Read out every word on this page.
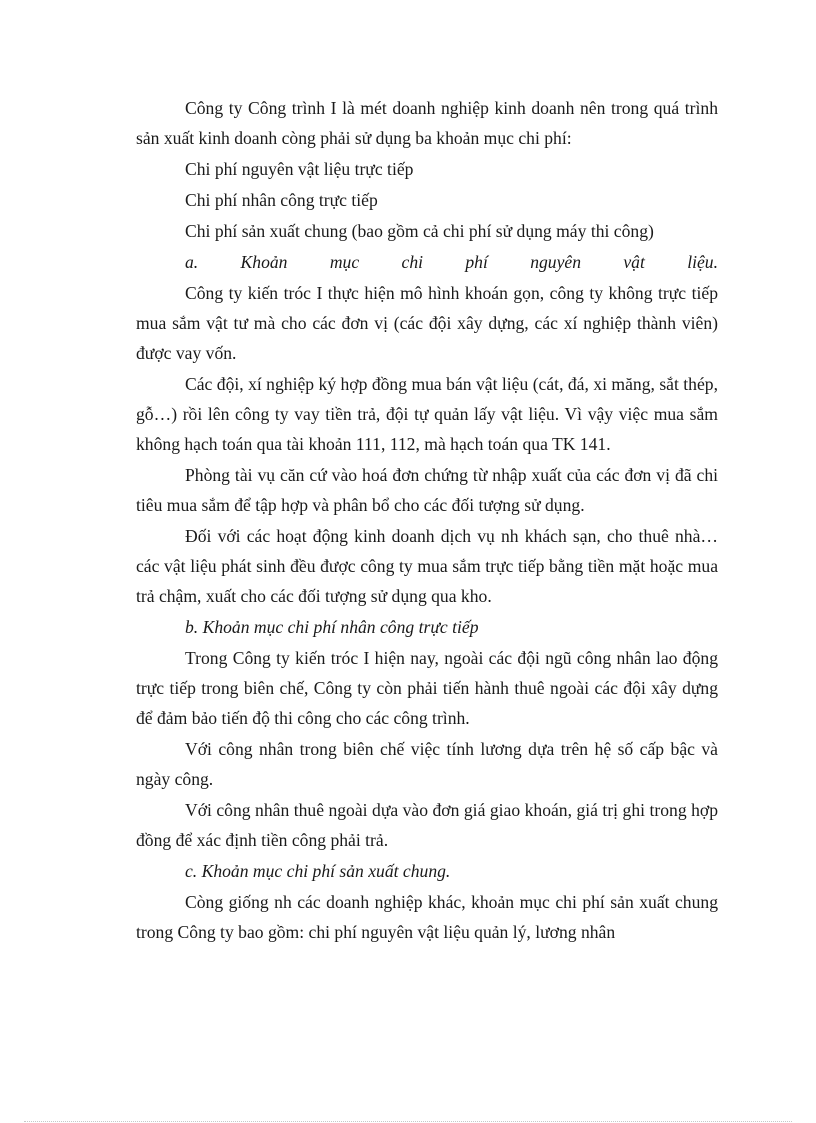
Công ty Công trình I là mét doanh nghiệp kinh doanh nên trong quá trình sản xuất kinh doanh còng phải sử dụng ba khoản mục chi phí:

Chi phí nguyên vật liệu trực tiếp

Chi phí nhân công trực tiếp

Chi phí sản xuất chung (bao gồm cả chi phí sử dụng máy thi công)

a. Khoản mục chi phí nguyên vật liệu.

Công ty kiến tróc I thực hiện mô hình khoán gọn, công ty không trực tiếp mua sắm vật tư mà cho các đơn vị (các đội xây dựng, các xí nghiệp thành viên) được vay vốn.

Các đội, xí nghiệp ký hợp đồng mua bán vật liệu (cát, đá, xi măng, sắt thép, gỗ…) rồi lên công ty vay tiền trả, đội tự quản lấy vật liệu. Vì vậy việc mua sắm không hạch toán qua tài khoản 111, 112, mà hạch toán qua TK 141.

Phòng tài vụ căn cứ vào hoá đơn chứng từ nhập xuất của các đơn vị đã chi tiêu mua sắm để tập hợp và phân bổ cho các đối tượng sử dụng.

Đối với các hoạt động kinh doanh dịch vụ nh khách sạn, cho thuê nhà… các vật liệu phát sinh đều được công ty mua sắm trực tiếp bằng tiền mặt hoặc mua trả chậm, xuất cho các đối tượng sử dụng qua kho.

b. Khoản mục chi phí nhân công trực tiếp

Trong Công ty kiến tróc I hiện nay, ngoài các đội ngũ công nhân lao động trực tiếp trong biên chế, Công ty còn phải tiến hành thuê ngoài các đội xây dựng để đảm bảo tiến độ thi công cho các công trình.

Với công nhân trong biên chế việc tính lương dựa trên hệ số cấp bậc và ngày công.

Với công nhân thuê ngoài dựa vào đơn giá giao khoán, giá trị ghi trong hợp đồng để xác định tiền công phải trả.

c. Khoản mục chi phí sản xuất chung.

Còng giống nh các doanh nghiệp khác, khoản mục chi phí sản xuất chung trong Công ty bao gồm: chi phí nguyên vật liệu quản lý, lương nhân
